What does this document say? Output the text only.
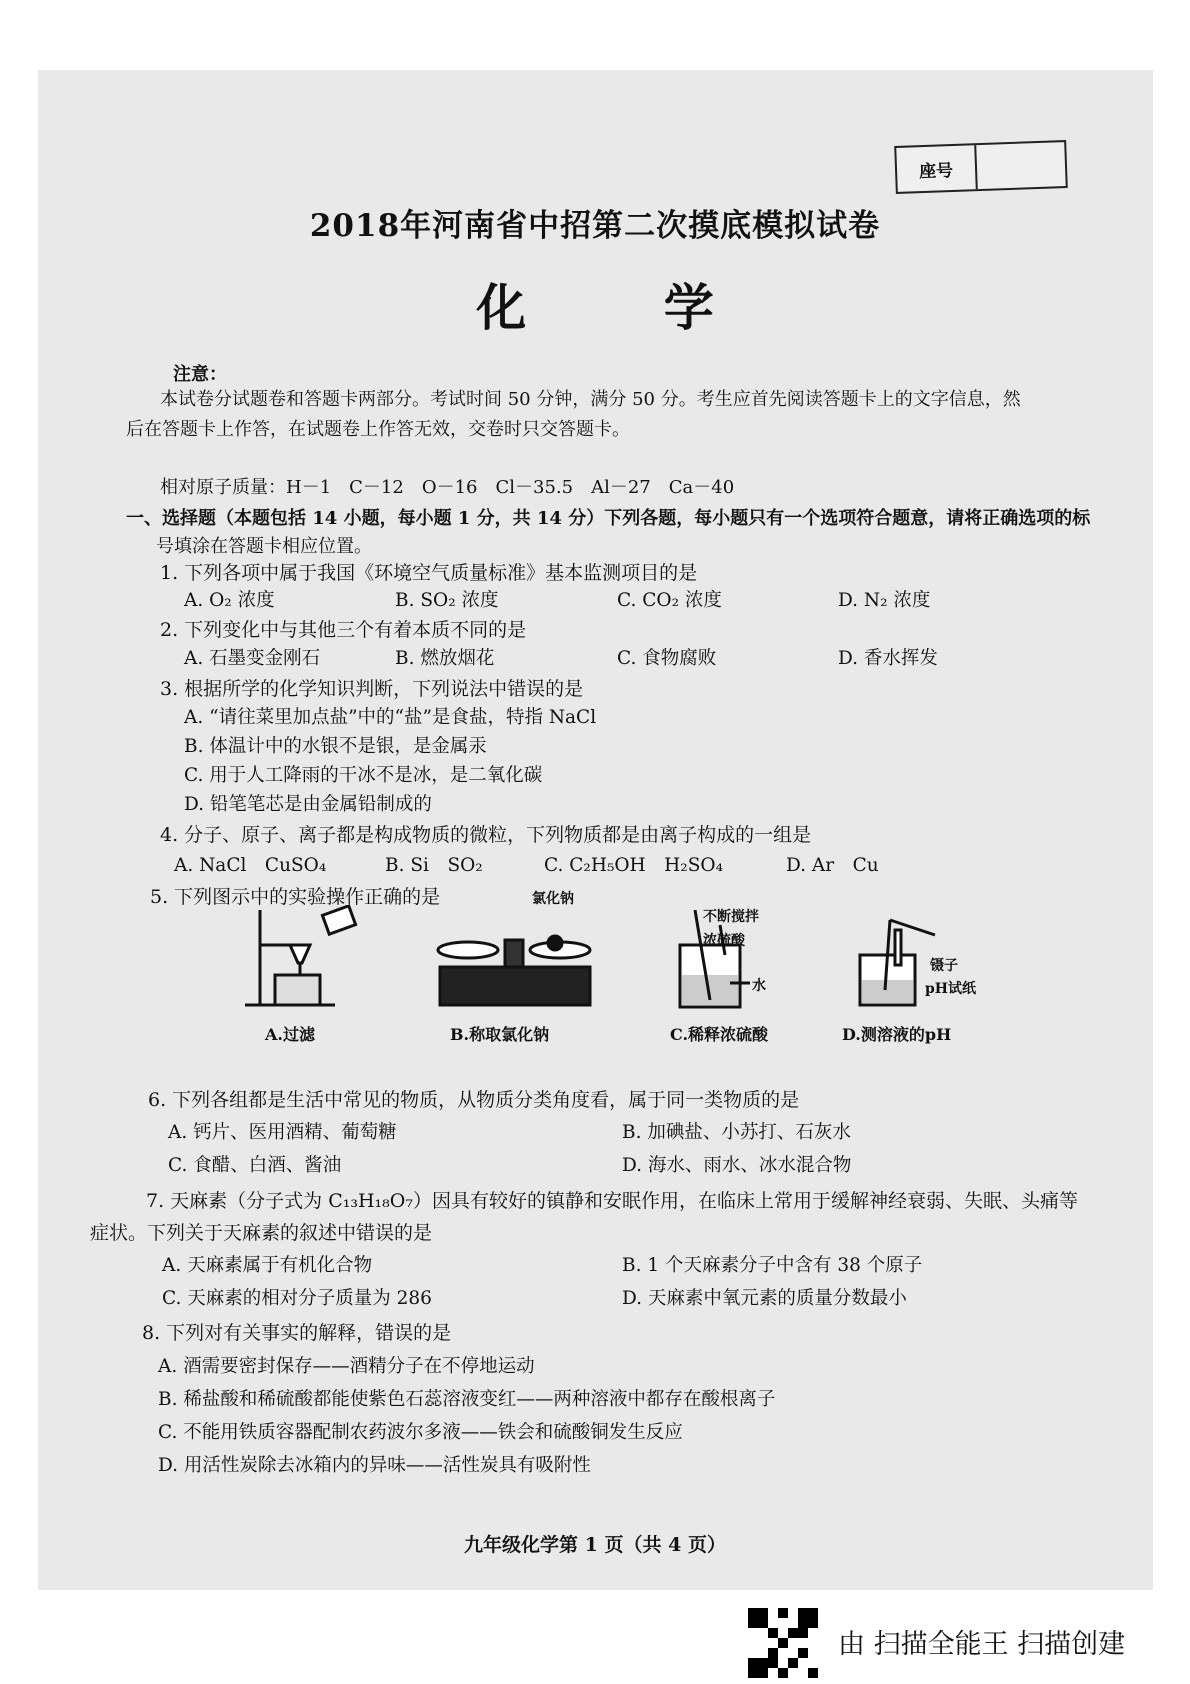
座号
2018年河南省中招第二次摸底模拟试卷
化 学
注意：
本试卷分试题卷和答题卡两部分。考试时间 50 分钟，满分 50 分。考生应首先阅读答题卡上的文字信息，然
后在答题卡上作答，在试题卷上作答无效，交卷时只交答题卡。
相对原子质量：H－1　C－12　O－16　Cl－35.5　Al－27　Ca－40
一、选择题（本题包括 14 小题，每小题 1 分，共 14 分）下列各题，每小题只有一个选项符合题意，请将正确选项的标
号填涂在答题卡相应位置。
1. 下列各项中属于我国《环境空气质量标准》基本监测项目的是
A. O₂ 浓度	B. SO₂ 浓度	C. CO₂ 浓度	D. N₂ 浓度
2. 下列变化中与其他三个有着本质不同的是
A. 石墨变金刚石	B. 燃放烟花	C. 食物腐败	D. 香水挥发
3. 根据所学的化学知识判断，下列说法中错误的是
A. “请往菜里加点盐”中的“盐”是食盐，特指 NaCl
B. 体温计中的水银不是银，是金属汞
C. 用于人工降雨的干冰不是冰，是二氧化碳
D. 铅笔笔芯是由金属铅制成的
4. 分子、原子、离子都是构成物质的微粒，下列物质都是由离子构成的一组是
A. NaCl　CuSO₄	B. Si　SO₂	C. C₂H₅OH　H₂SO₄	D. Ar　Cu
5. 下列图示中的实验操作正确的是
A.过滤
氯化钠
B.称取氯化钠
不断搅拌
浓硫酸
水
C.稀释浓硫酸
镊子
pH试纸
D.测溶液的pH
6. 下列各组都是生活中常见的物质，从物质分类角度看，属于同一类物质的是
A. 钙片、医用酒精、葡萄糖	B. 加碘盐、小苏打、石灰水
C. 食醋、白酒、酱油	D. 海水、雨水、冰水混合物
7. 天麻素（分子式为 C₁₃H₁₈O₇）因具有较好的镇静和安眠作用，在临床上常用于缓解神经衰弱、失眠、头痛等
症状。下列关于天麻素的叙述中错误的是
A. 天麻素属于有机化合物	B. 1 个天麻素分子中含有 38 个原子
C. 天麻素的相对分子质量为 286	D. 天麻素中氧元素的质量分数最小
8. 下列对有关事实的解释，错误的是
A. 酒需要密封保存——酒精分子在不停地运动
B. 稀盐酸和稀硫酸都能使紫色石蕊溶液变红——两种溶液中都存在酸根离子
C. 不能用铁质容器配制农药波尔多液——铁会和硫酸铜发生反应
D. 用活性炭除去冰箱内的异味——活性炭具有吸附性
九年级化学第 1 页（共 4 页）
由 扫描全能王 扫描创建
